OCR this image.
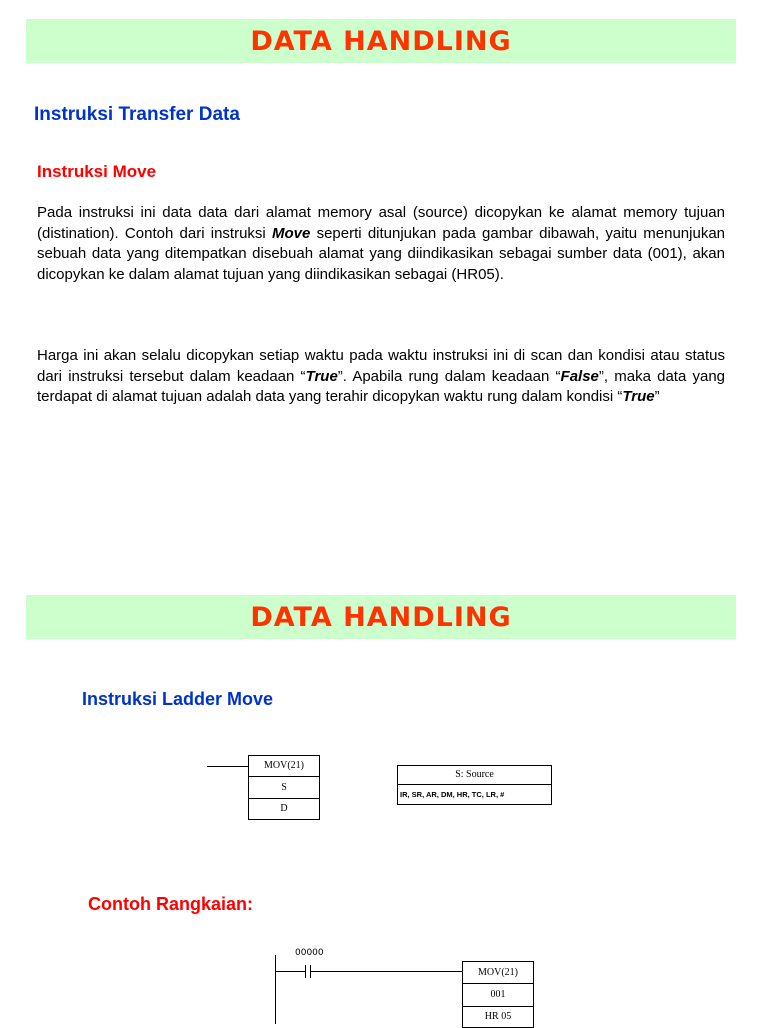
DATA HANDLING
Instruksi Transfer Data
Instruksi Move
Pada instruksi ini data data dari alamat memory asal (source) dicopykan ke alamat memory tujuan (distination). Contoh dari instruksi Move seperti ditunjukan pada gambar dibawah, yaitu menunjukan sebuah data yang ditempatkan disebuah alamat yang diindikasikan sebagai sumber data (001), akan dicopykan ke dalam alamat tujuan yang diindikasikan sebagai (HR05).
Harga ini akan selalu dicopykan setiap waktu pada waktu instruksi ini di scan dan kondisi atau status dari instruksi tersebut dalam keadaan “True”. Apabila rung dalam keadaan “False”, maka data yang terdapat di alamat tujuan adalah data yang terahir dicopykan waktu rung dalam kondisi “True”
DATA HANDLING
Instruksi Ladder Move
MOV(21)
S
D
S: Source
IR, SR, AR, DM, HR, TC, LR, #
Contoh Rangkaian:
00000
MOV(21)
001
HR 05
